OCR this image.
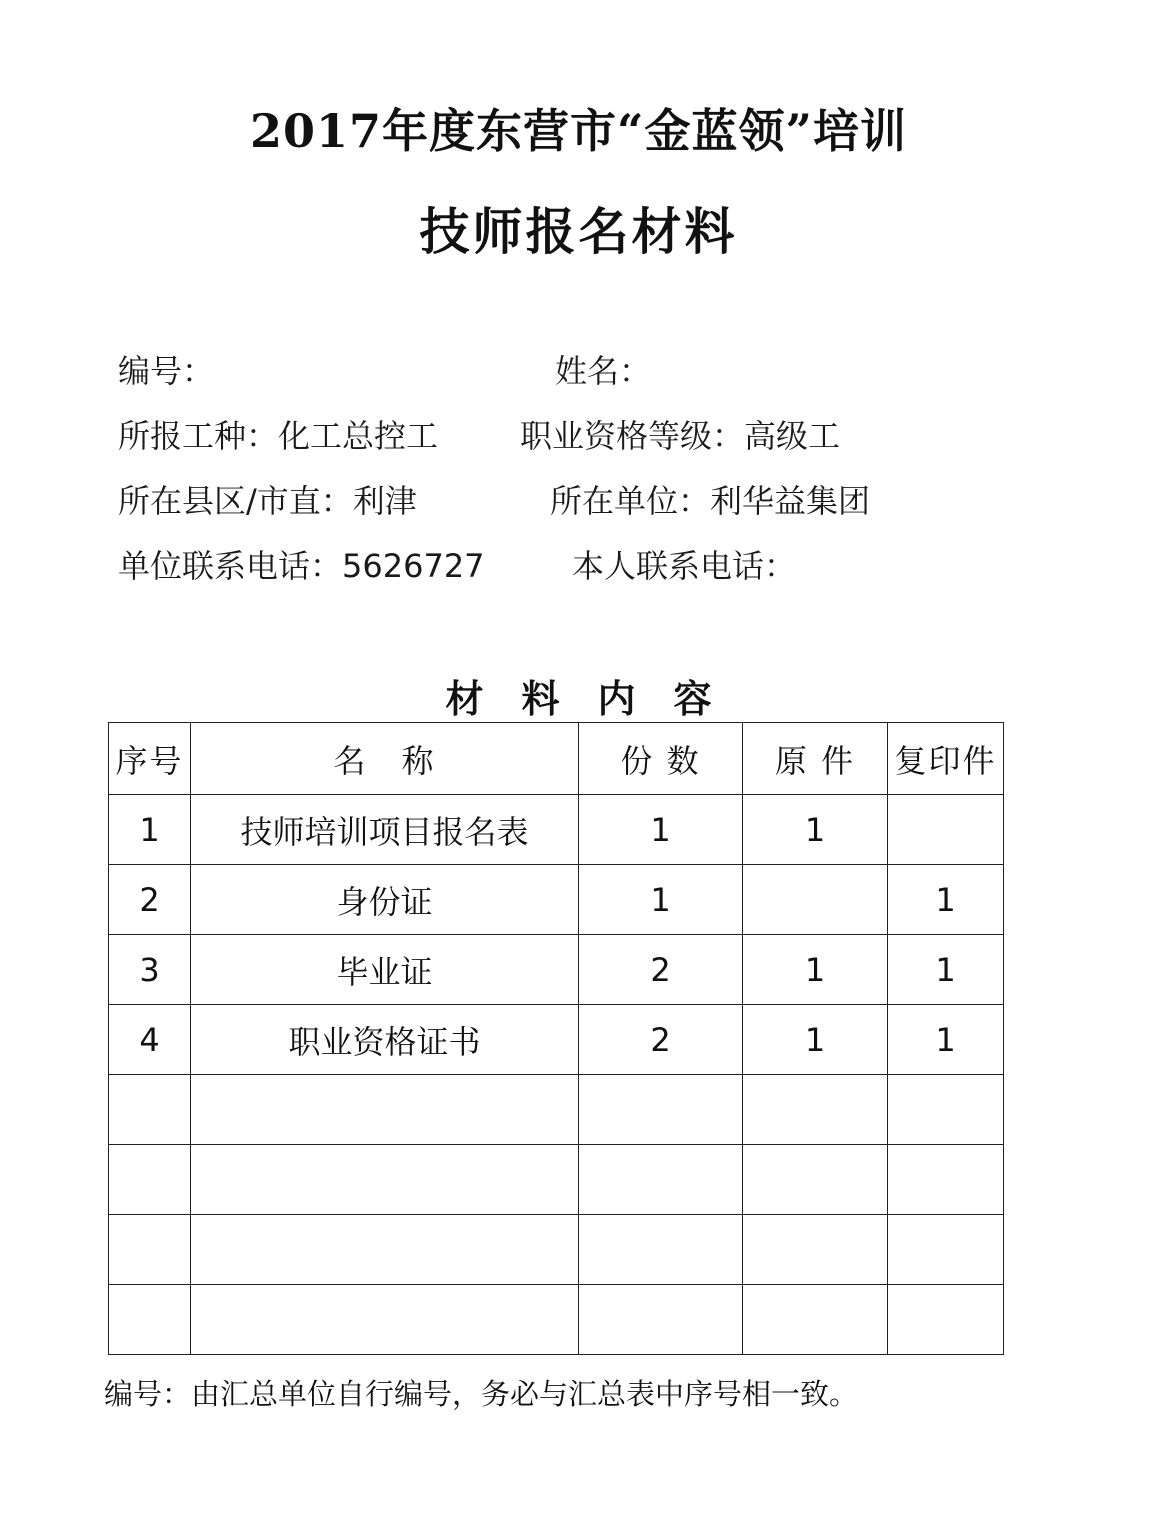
2017年度东营市“金蓝领”培训
技师报名材料
编号：	姓名：
所报工种：化工总控工	职业资格等级：高级工
所在县区/市直：利津	所在单位：利华益集团
单位联系电话：5626727	本人联系电话：
材　料　内　容
序号	名　称	份 数	原 件	复印件
1	技师培训项目报名表	1	1	
2	身份证	1		1
3	毕业证	2	1	1
4	职业资格证书	2	1	1

编号：由汇总单位自行编号，务必与汇总表中序号相一致。
